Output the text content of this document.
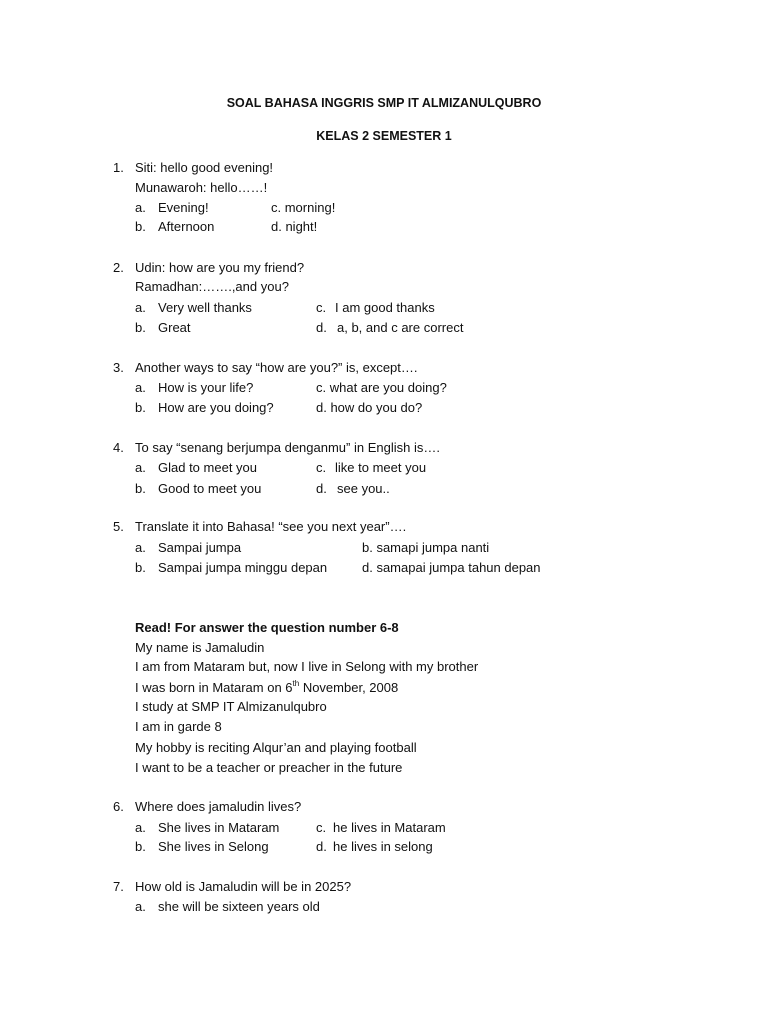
SOAL BAHASA INGGRIS SMP IT ALMIZANULQUBRO
KELAS 2 SEMESTER 1
1. Siti: hello good evening!
Munawaroh: hello……!
a. Evening!	c. morning!
b. Afternoon	d. night!
2. Udin: how are you my friend?
Ramadhan:…….,and you?
a. Very well thanks	c. I am good thanks
b. Great	d. a, b, and c are correct
3. Another ways to say “how are you?” is, except….
a. How is your life?	c. what are you doing?
b. How are you doing?	d. how do you do?
4. To say “senang berjumpa denganmu” in English is….
a. Glad to meet you	c. like to meet you
b. Good to meet you	d. see you..
5. Translate it into Bahasa! “see you next year”….
a. Sampai jumpa	b. samapi jumpa nanti
b. Sampai jumpa minggu depan	d. samapai jumpa tahun depan
Read! For answer the question number 6-8
My name is Jamaludin
I am from Mataram but, now I live in Selong with my brother
I was born in Mataram on 6th November, 2008
I study at SMP IT Almizanulqubro
I am in garde 8
My hobby is reciting Alqur’an and playing football
I want to be a teacher or preacher in the future
6. Where does jamaludin lives?
a. She lives in Mataram	c. he lives in Mataram
b. She lives in Selong	d. he lives in selong
7. How old is Jamaludin will be in 2025?
a. she will be sixteen years old
